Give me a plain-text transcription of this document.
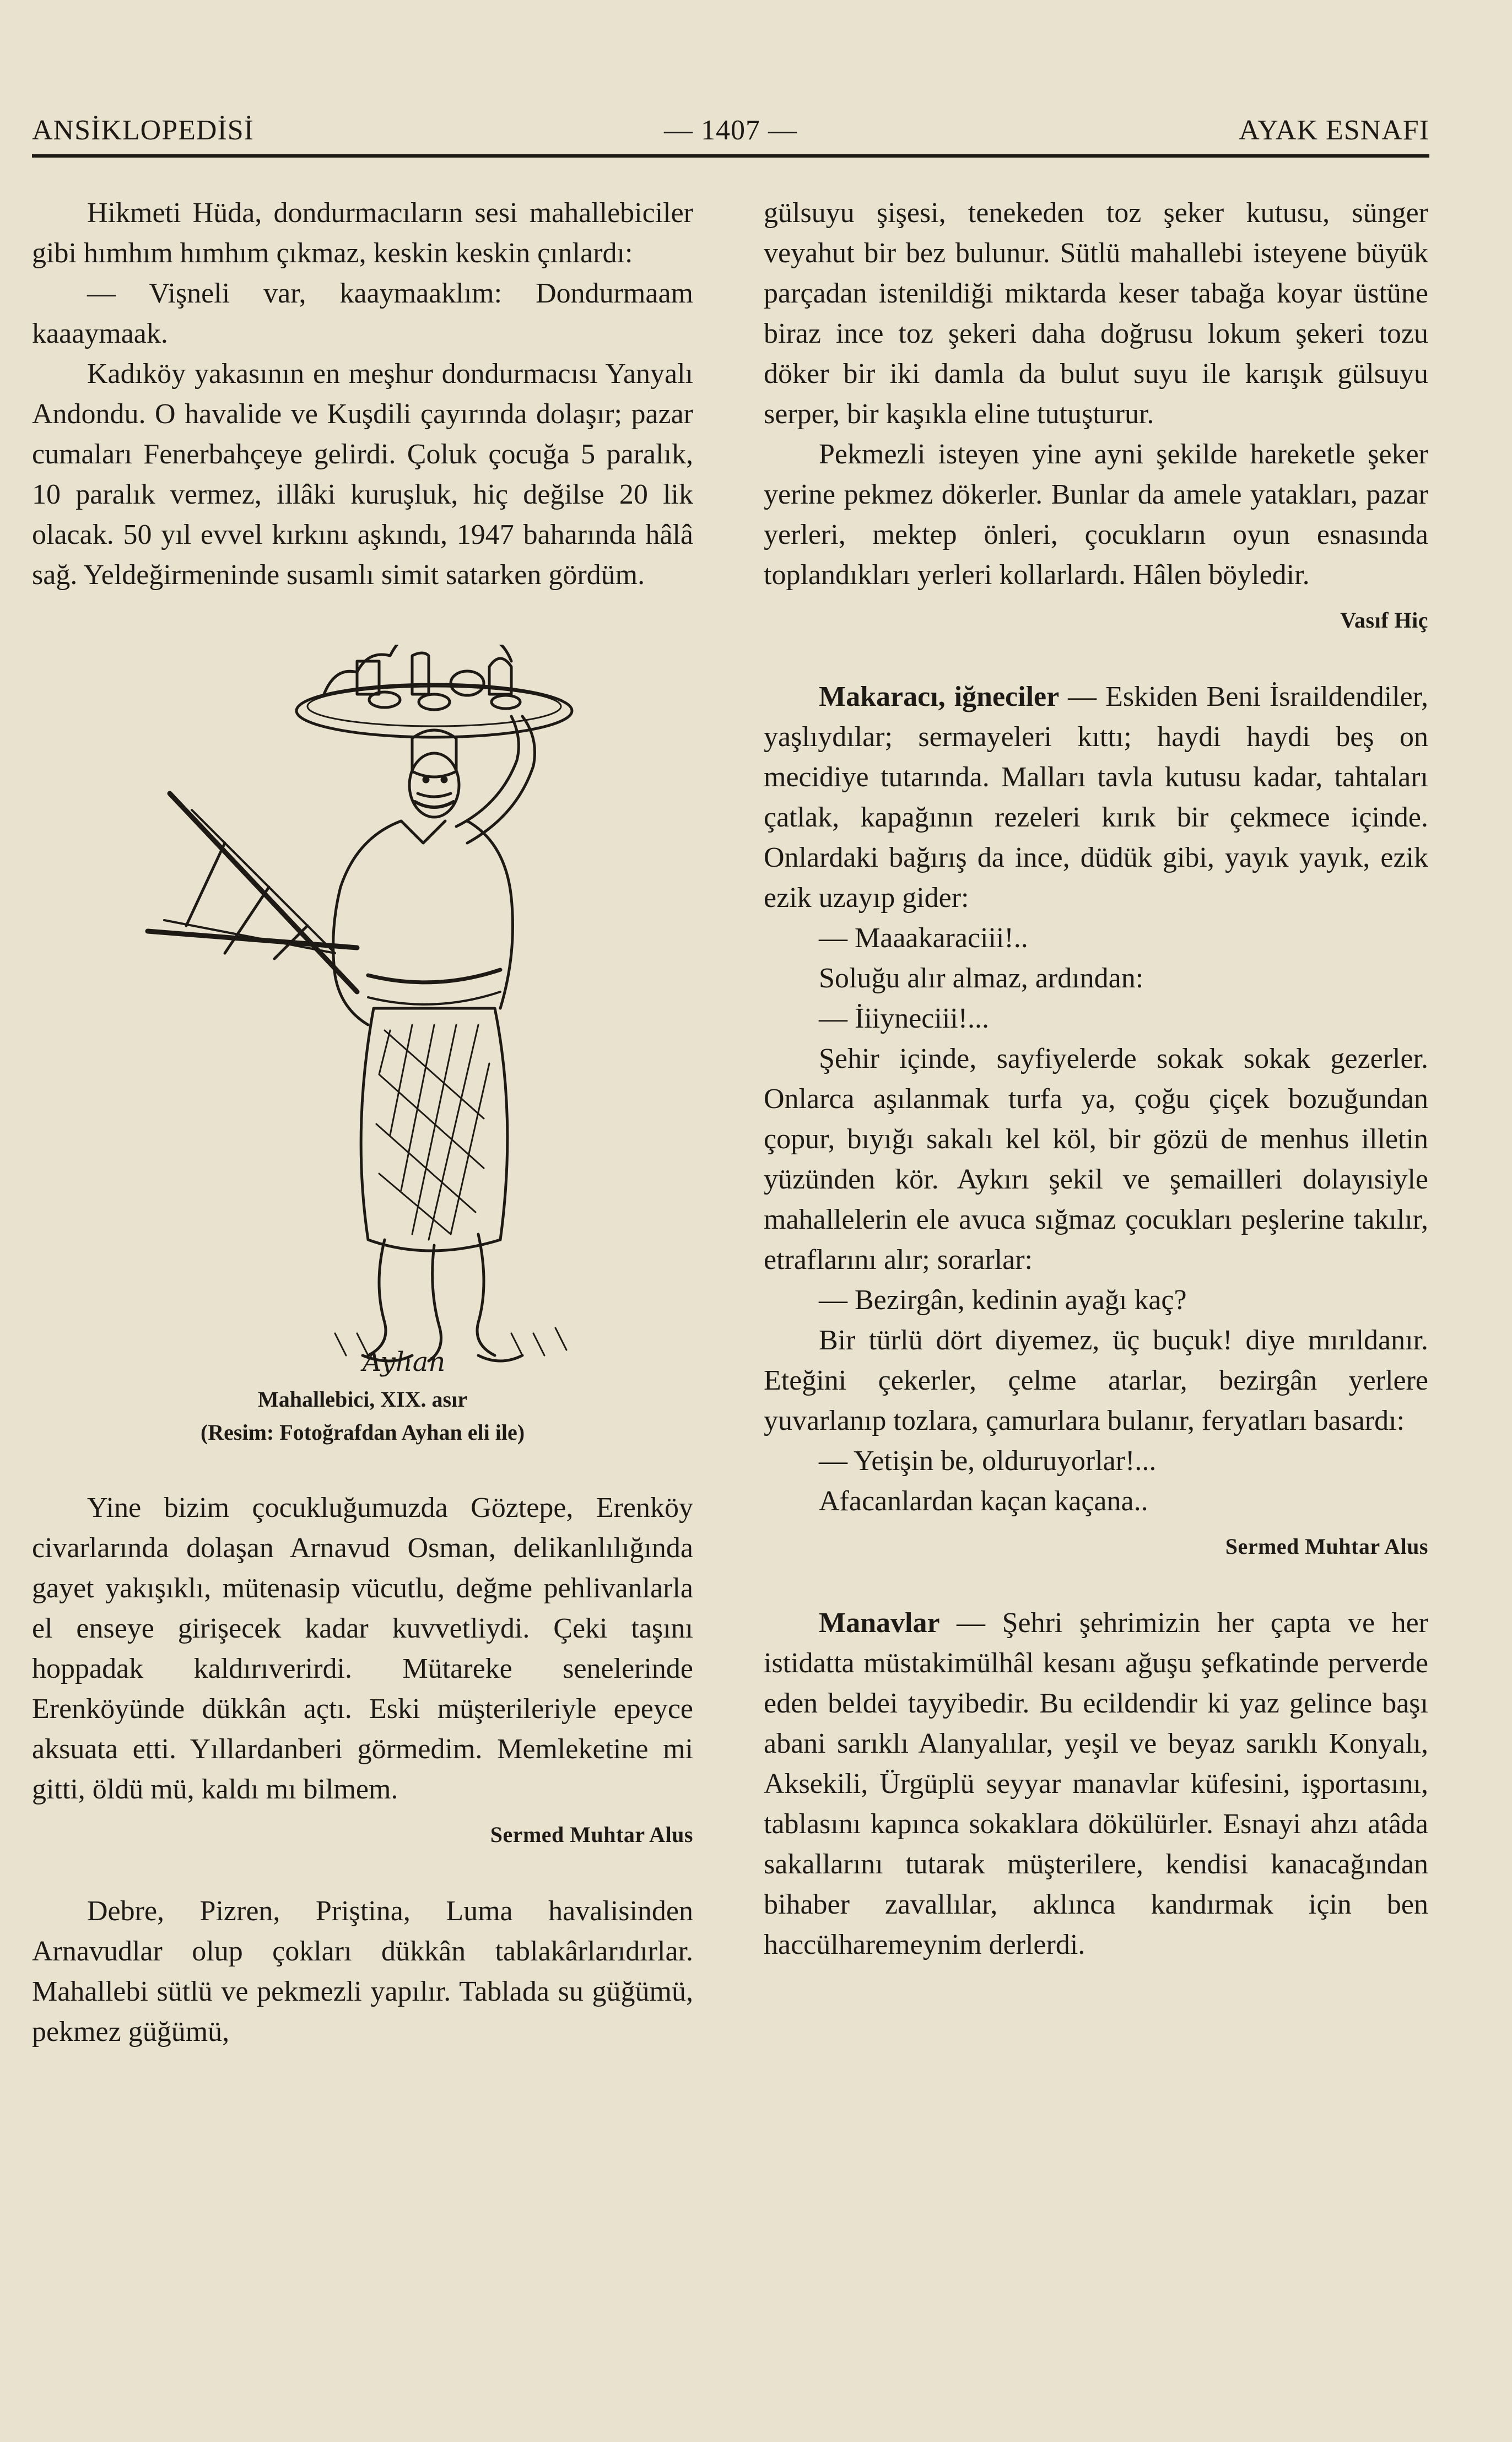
ANSİKLOPEDİSİ	— 1407 —	AYAK ESNAFI

Hikmeti Hüda, dondurmacıların sesi mahallebiciler gibi hımhım hımhım çıkmaz, keskin keskin çınlardı:

— Vişneli var, kaaymaaklım: Dondurmaam kaaaymaak.

Kadıköy yakasının en meşhur dondurmacısı Yanyalı Andondu. O havalide ve Kuşdili çayırında dolaşır; pazar cumaları Fenerbahçeye gelirdi. Çoluk çocuğa 5 paralık, 10 paralık vermez, illâki kuruşluk, hiç değilse 20 lik olacak. 50 yıl evvel kırkını aşkındı, 1947 baharında hâlâ sağ. Yeldeğirmeninde susamlı simit satarken gördüm.

Ayhan
Mahallebici, XIX. asır
(Resim: Fotoğrafdan Ayhan eli ile)

Yine bizim çocukluğumuzda Göztepe, Erenköy civarlarında dolaşan Arnavud Osman, delikanlılığında gayet yakışıklı, mütenasip vücutlu, değme pehlivanlarla el enseye girişecek kadar kuvvetliydi. Çeki taşını hoppadak kaldırıverirdi. Mütareke senelerinde Erenköyünde dükkân açtı. Eski müşterileriyle epeyce aksuata etti. Yıllardanberi görmedim. Memleketine mi gitti, öldü mü, kaldı mı bilmem.

Sermed Muhtar Alus

Debre, Pizren, Priştina, Luma havalisinden Arnavudlar olup çokları dükkân tablakârlarıdırlar. Mahallebi sütlü ve pekmezli yapılır. Tablada su güğümü, pekmez güğümü,

gülsuyu şişesi, tenekeden toz şeker kutusu, sünger veyahut bir bez bulunur. Sütlü mahallebi isteyene büyük parçadan istenildiği miktarda keser tabağa koyar üstüne biraz ince toz şekeri daha doğrusu lokum şekeri tozu döker bir iki damla da bulut suyu ile karışık gülsuyu serper, bir kaşıkla eline tutuşturur.

Pekmezli isteyen yine ayni şekilde hareketle şeker yerine pekmez dökerler. Bunlar da amele yatakları, pazar yerleri, mektep önleri, çocukların oyun esnasında toplandıkları yerleri kollarlardı. Hâlen böyledir.

Vasıf Hiç

Makaracı, iğneciler — Eskiden Beni İsraildendiler, yaşlıydılar; sermayeleri kıttı; haydi haydi beş on mecidiye tutarında. Malları tavla kutusu kadar, tahtaları çatlak, kapağının rezeleri kırık bir çekmece içinde. Onlardaki bağırış da ince, düdük gibi, yayık yayık, ezik ezik uzayıp gider:

— Maaakaraciii!..

Soluğu alır almaz, ardından:

— İiiyneciii!...

Şehir içinde, sayfiyelerde sokak sokak gezerler. Onlarca aşılanmak turfa ya, çoğu çiçek bozuğundan çopur, bıyığı sakalı kel köl, bir gözü de menhus illetin yüzünden kör. Aykırı şekil ve şemailleri dolayısiyle mahallelerin ele avuca sığmaz çocukları peşlerine takılır, etraflarını alır; sorarlar:

— Bezirgân, kedinin ayağı kaç?

Bir türlü dört diyemez, üç buçuk! diye mırıldanır. Eteğini çekerler, çelme atarlar, bezirgân yerlere yuvarlanıp tozlara, çamurlara bulanır, feryatları basardı:

— Yetişin be, olduruyorlar!...

Afacanlardan kaçan kaçana..

Sermed Muhtar Alus

Manavlar — Şehri şehrimizin her çapta ve her istidatta müstakimülhâl kesanı ağuşu şefkatinde perverde eden beldei tayyibedir. Bu ecildendir ki yaz gelince başı abani sarıklı Alanyalılar, yeşil ve beyaz sarıklı Konyalı, Aksekili, Ürgüplü seyyar manavlar küfesini, işportasını, tablasını kapınca sokaklara dökülürler. Esnayi ahzı atâda sakallarını tutarak müşterilere, kendisi kanacağından bihaber zavallılar, aklınca kandırmak için ben haccülharemeynim derlerdi.
